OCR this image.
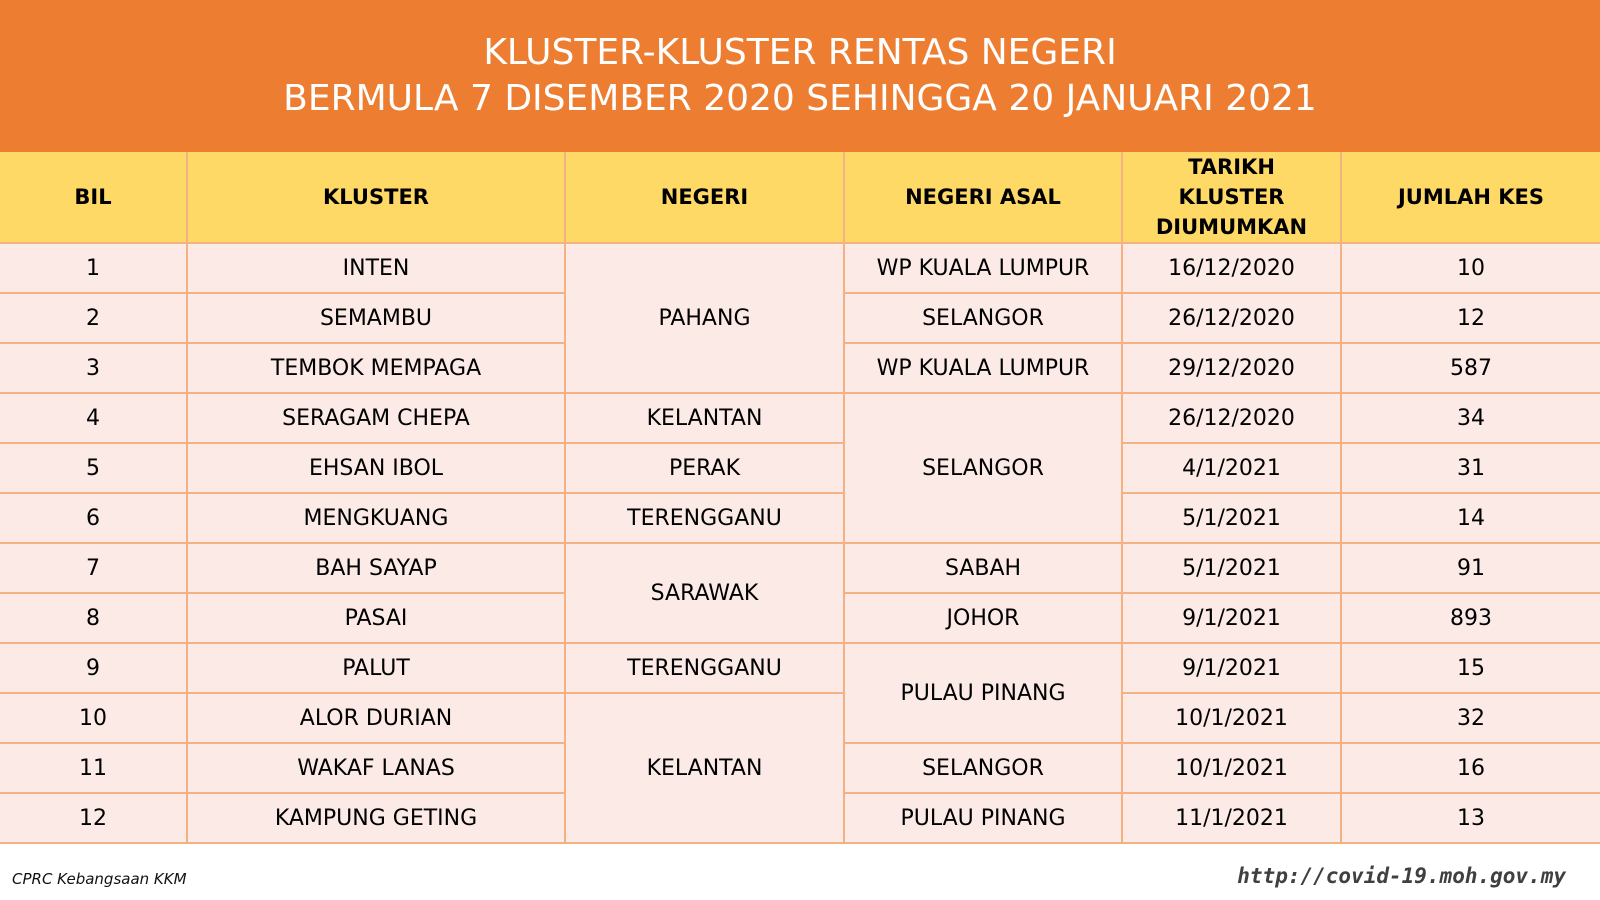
KLUSTER-KLUSTER RENTAS NEGERI
BERMULA 7 DISEMBER 2020 SEHINGGA 20 JANUARI 2021
BIL	KLUSTER	NEGERI	NEGERI ASAL	TARIKH KLUSTER DIUMUMKAN	JUMLAH KES
1	INTEN	PAHANG	WP KUALA LUMPUR	16/12/2020	10
2	SEMAMBU		SELANGOR	26/12/2020	12
3	TEMBOK MEMPAGA		WP KUALA LUMPUR	29/12/2020	587
4	SERAGAM CHEPA	KELANTAN	SELANGOR	26/12/2020	34
5	EHSAN IBOL	PERAK		4/1/2021	31
6	MENGKUANG	TERENGGANU		5/1/2021	14
7	BAH SAYAP	SARAWAK	SABAH	5/1/2021	91
8	PASAI		JOHOR	9/1/2021	893
9	PALUT	TERENGGANU	PULAU PINANG	9/1/2021	15
10	ALOR DURIAN	KELANTAN		10/1/2021	32
11	WAKAF LANAS		SELANGOR	10/1/2021	16
12	KAMPUNG GETING		PULAU PINANG	11/1/2021	13
CPRC Kebangsaan KKM	http://covid-19.moh.gov.my
